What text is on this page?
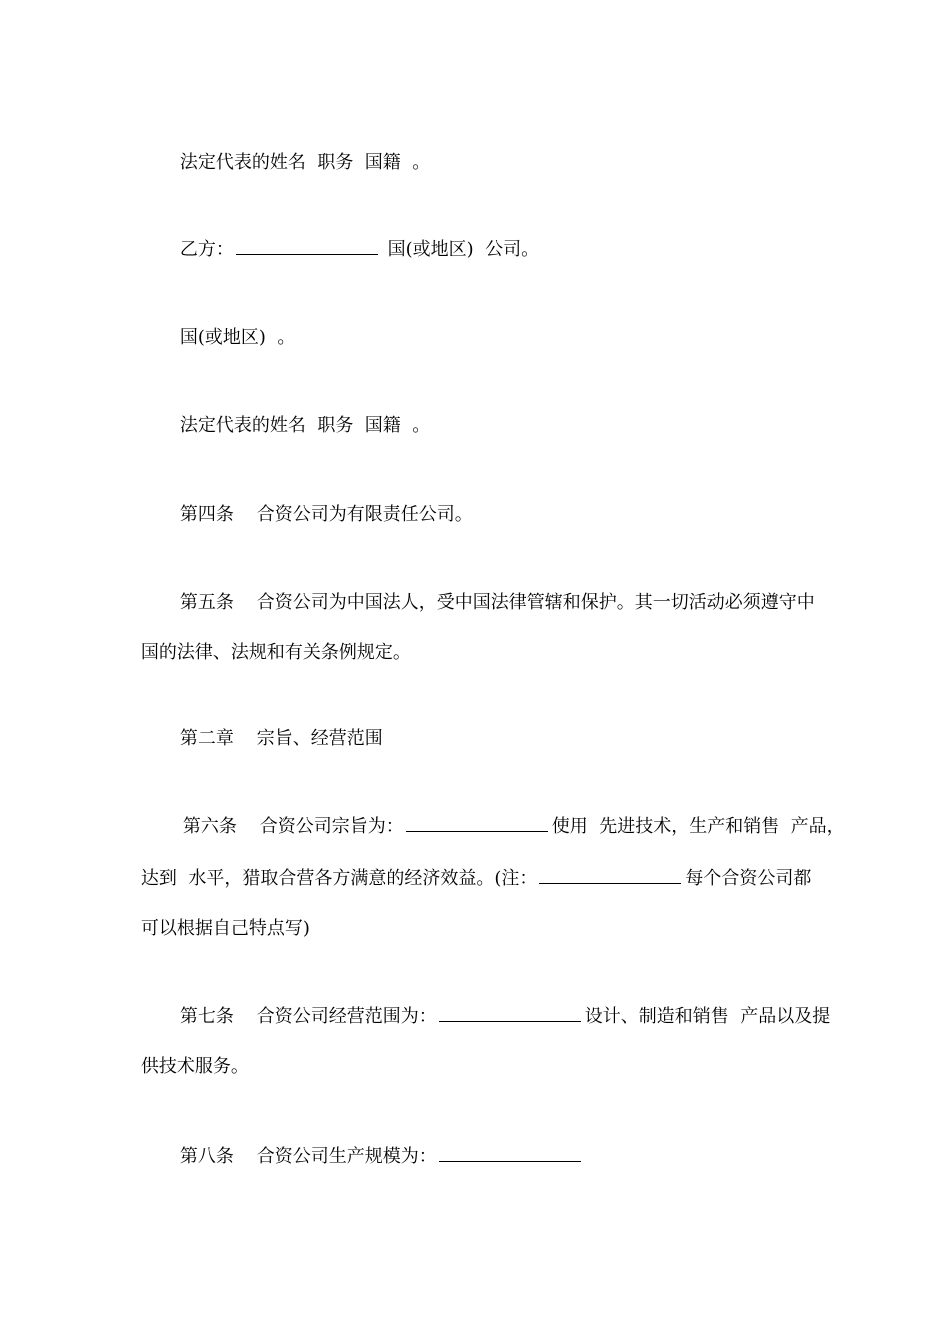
法定代表的姓名  职务  国籍  。

乙方：	国(或地区)  公司。

国(或地区)  。

法定代表的姓名  职务  国籍  。

第四条    合资公司为有限责任公司。

第五条    合资公司为中国法人，受中国法律管辖和保护。其一切活动必须遵守中

国的法律、法规和有关条例规定。

第二章    宗旨、经营范围

第六条    合资公司宗旨为：	使用  先进技术，生产和销售  产品，

达到  水平，猎取合营各方满意的经济效益。(注：	每个合资公司都

可以根据自己特点写)

第七条    合资公司经营范围为：	设计、制造和销售  产品以及提

供技术服务。

第八条    合资公司生产规模为：
